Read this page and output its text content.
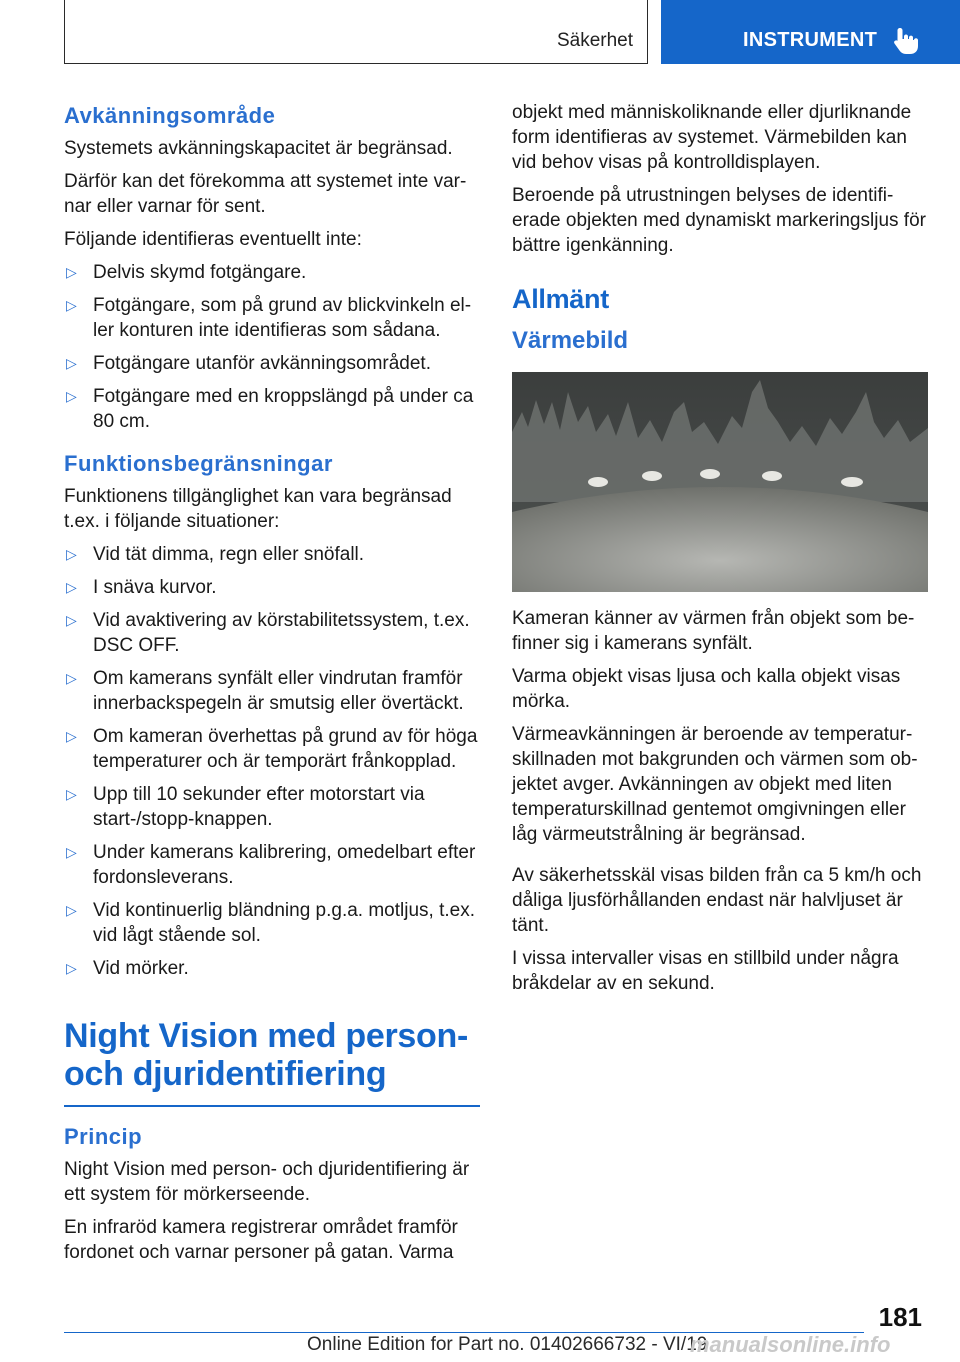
Säkerhet	INSTRUMENT
Avkänningsområde

Systemets avkänningskapacitet är begränsad.

Därför kan det förekomma att systemet inte varnar eller varnar för sent.

Följande identifieras eventuellt inte:

▷ Delvis skymd fotgängare.
▷ Fotgängare, som på grund av blickvinkeln eller konturen inte identifieras som sådana.
▷ Fotgängare utanför avkänningsområdet.
▷ Fotgängare med en kroppslängd på under ca 80 cm.
Funktionsbegränsningar

Funktionens tillgänglighet kan vara begränsad t.ex. i följande situationer:

▷ Vid tät dimma, regn eller snöfall.
▷ I snäva kurvor.
▷ Vid avaktivering av körstabilitetssystem, t.ex. DSC OFF.
▷ Om kamerans synfält eller vindrutan framför innerbackspegeln är smutsig eller övertäckt.
▷ Om kameran överhettas på grund av för höga temperaturer och är temporärt frånkopplad.
▷ Upp till 10 sekunder efter motorstart via start-/stopp-knappen.
▷ Under kamerans kalibrering, omedelbart efter fordonsleverans.
▷ Vid kontinuerlig bländning p.g.a. motljus, t.ex. vid lågt stående sol.
▷ Vid mörker.
Night Vision med person- och djuridentifiering
Princip

Night Vision med person- och djuridentifiering är ett system för mörkerseende.

En infraröd kamera registrerar området framför fordonet och varnar personer på gatan. Varma

objekt med människoliknande eller djurliknande form identifieras av systemet. Värmebilden kan vid behov visas på kontrolldisplayen.

Beroende på utrustningen belyses de identifierade objekten med dynamiskt markeringsljus för bättre igenkänning.

Allmänt
Värmebild

Kameran känner av värmen från objekt som befinner sig i kamerans synfält.

Varma objekt visas ljusa och kalla objekt visas mörka.

Värmeavkänningen är beroende av temperaturskillnaden mot bakgrunden och värmen som objektet avger. Avkänningen av objekt med liten temperaturskillnad gentemot omgivningen eller låg värmeutstrålning är begränsad.

Av säkerhetsskäl visas bilden från ca 5 km/h och dåliga ljusförhållanden endast när halvljuset är tänt.

I vissa intervaller visas en stillbild under några bråkdelar av en sekund.

181
Online Edition for Part no. 01402666732 - VI/19
manualsonline.info
